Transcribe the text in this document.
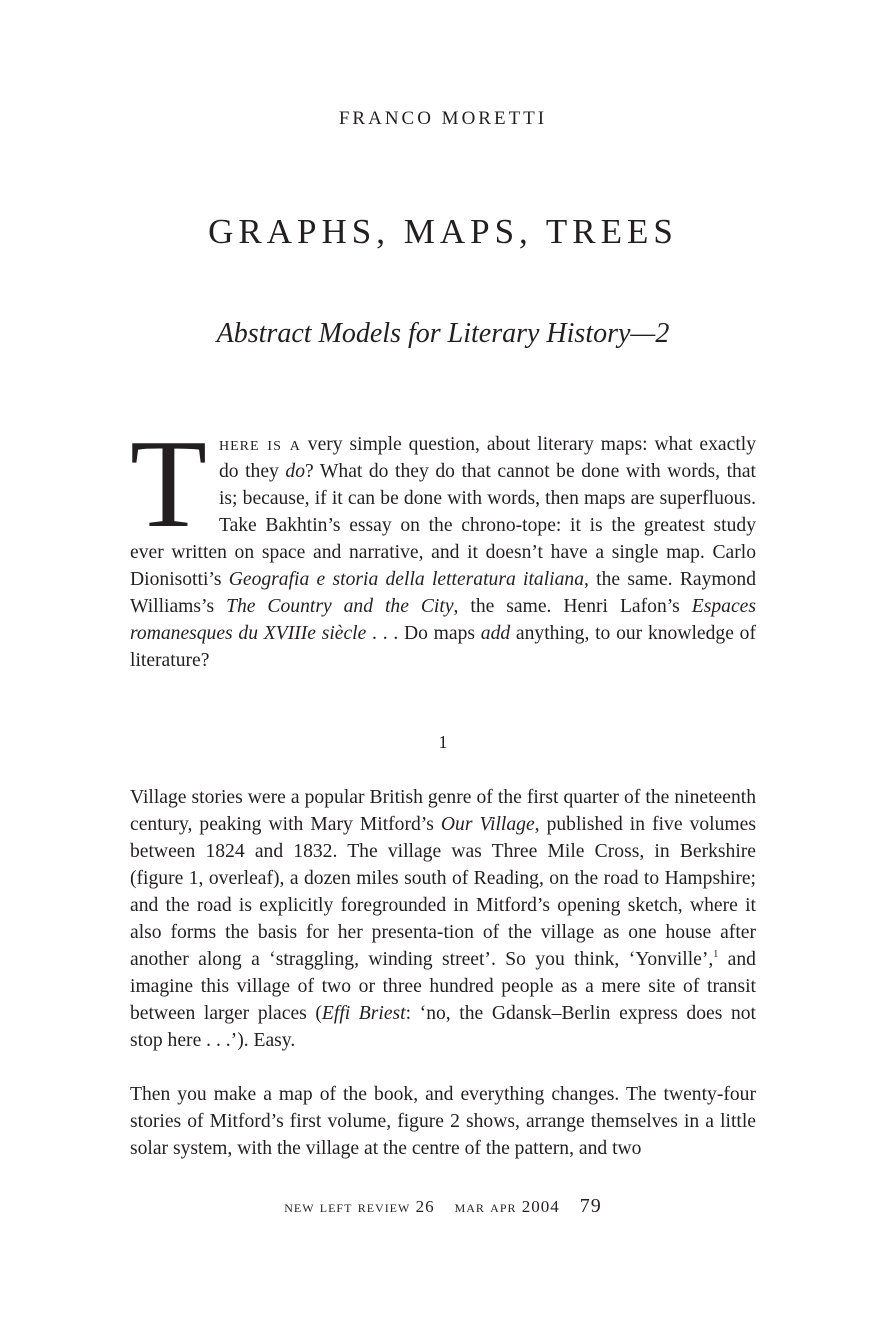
FRANCO MORETTI
GRAPHS, MAPS, TREES
Abstract Models for Literary History—2
There is a very simple question, about literary maps: what exactly do they do? What do they do that cannot be done with words, that is; because, if it can be done with words, then maps are superfluous. Take Bakhtin’s essay on the chrono-tope: it is the greatest study ever written on space and narrative, and it doesn’t have a single map. Carlo Dionisotti’s Geografia e storia della letteratura italiana, the same. Raymond Williams’s The Country and the City, the same. Henri Lafon’s Espaces romanesques du XVIIIe siècle . . . Do maps add anything, to our knowledge of literature?
1
Village stories were a popular British genre of the first quarter of the nineteenth century, peaking with Mary Mitford’s Our Village, published in five volumes between 1824 and 1832. The village was Three Mile Cross, in Berkshire (figure 1, overleaf), a dozen miles south of Reading, on the road to Hampshire; and the road is explicitly foregrounded in Mitford’s opening sketch, where it also forms the basis for her presenta-tion of the village as one house after another along a ‘straggling, winding street’. So you think, ‘Yonville’,$^1$ and imagine this village of two or three hundred people as a mere site of transit between larger places (Effi Briest: ‘no, the Gdansk–Berlin express does not stop here . . .’). Easy.
Then you make a map of the book, and everything changes. The twenty-four stories of Mitford’s first volume, figure 2 shows, arrange themselves in a little solar system, with the village at the centre of the pattern, and two
new left review 26 mar apr 2004 79
